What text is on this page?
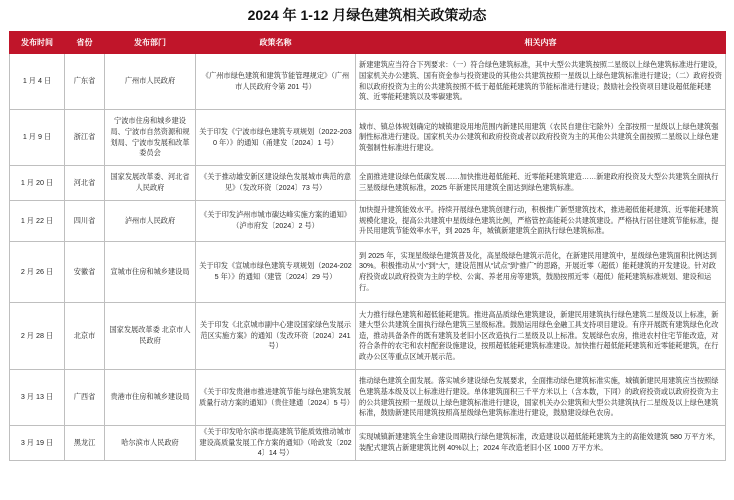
2024 年 1-12 月绿色建筑相关政策动态
发布时间	省份	发布部门	政策名称	相关内容
1 月 4 日	广东省	广州市人民政府	《广州市绿色建筑和建筑节能管理规定》（广州市人民政府令第 201 号）	新建建筑应当符合下列要求：（一）符合绿色建筑标准，其中大型公共建筑按照二星级以上绿色建筑标准进行建设，国家机关办公建筑、国有资金参与投资建设的其他公共建筑按照一星级以上绿色建筑标准进行建设；（二）政府投资和以政府投资为主的公共建筑按照不低于超低能耗建筑的节能标准进行建设；鼓励社会投资项目建设超低能耗建筑、近零能耗建筑以及零碳建筑。
1 月 9 日	浙江省	宁波市住房和城乡建设局、宁波市自然资源和规划局、宁波市发展和改革委员会	关于印发《宁波市绿色建筑专项规划（2022-2030 年）》的通知（甬建发〔2024〕1 号）	城市、镇总体规划确定的城镇建设用地范围内新建民用建筑（农民自建住宅除外）全部按照一星级以上绿色建筑强制性标准进行建设。国家机关办公建筑和政府投资或者以政府投资为主的其他公共建筑全面按照二星级以上绿色建筑强制性标准进行建设。
1 月 20 日	河北省	国家发展改革委、河北省人民政府	《关于推动雄安新区建设绿色发展城市典范的意见》（发改环资〔2024〕73 号）	全面推进建设绿色低碳发展……加快推进超低能耗、近零能耗建筑建造……新建政府投资及大型公共建筑全面执行三星级绿色建筑标准，2025 年新建民用建筑全面达到绿色建筑标准。
1 月 22 日	四川省	泸州市人民政府	《关于印发泸州市城市碳达峰实施方案的通知》（泸市府发〔2024〕2 号）	加快提升建筑能效水平。持续开展绿色建筑创建行动，积极推广新型建筑技术，推进超低能耗建筑、近零能耗建筑规模化建设，提高公共建筑中星级绿色建筑比例，严格管控高能耗公共建筑建设。严格执行居住建筑节能标准，提升民用建筑节能效率水平，到 2025 年，城镇新建建筑全面执行绿色建筑标准。
2 月 26 日	安徽省	宣城市住房和城乡建设局	关于印发《宣城市绿色建筑专项规划（2024-2025 年）》的通知（建管〔2024〕29 号）	到 2025 年，实现星级绿色建筑普及化，高星级绿色建筑示范化，在新建民用建筑中，星级绿色建筑面积比例达到 30%。积极推动从“小”到“大”，建设范围从“试点”到“推广”的思路，开展近零（超低）能耗建筑的开发建设。针对政府投资或以政府投资为主的学校、公寓、养老用房等建筑，鼓励按照近零（超低）能耗建筑标准规划、建设和运行。
2 月 28 日	北京市	国家发展改革委 北京市人民政府	关于印发《北京城市副中心建设国家绿色发展示范区实施方案》的通知（发改环资〔2024〕241 号）	大力推行绿色建筑和超低能耗建筑。推进高品质绿色建筑建设，新建民用建筑执行绿色建筑二星级及以上标准，新建大型公共建筑全面执行绿色建筑三星级标准。鼓励运用绿色金融工具支持项目建设。有序开展既有建筑绿色化改造，推动具备条件的既有建筑及老旧小区改造执行二星级及以上标准。发展绿色农房，推进农村住宅节能改造，对符合条件的农宅和农村配套设施建设，按照超低能耗建筑标准建设。加快推行超低能耗建筑和近零能耗建筑，在行政办公区等重点区域开展示范。
3 月 13 日	广西省	贵港市住房和城乡建设局	《关于印发贵港市推进建筑节能与绿色建筑发展质量行动方案的通知》（贵住建通〔2024〕5 号）	推动绿色建筑全面发展。落实城乡建设绿色发展要求，全面推动绿色建筑标准实施，城镇新建民用建筑应当按照绿色建筑基本级及以上标准进行建设。单体建筑面积三千平方米以上（含本数，下同）的政府投资或以政府投资为主的公共建筑按照一星级以上绿色建筑标准进行建设，国家机关办公建筑和大型公共建筑执行二星级及以上绿色建筑标准，鼓励新建民用建筑按照高星级绿色建筑标准进行建设，鼓励建设绿色农房。
3 月 19 日	黑龙江	哈尔滨市人民政府	《关于印发哈尔滨市提高建筑节能质效推动城市建设高质量发展工作方案的通知》（哈政发〔2024〕14 号）	实现城镇新建建筑全生命建设周期执行绿色建筑标准，改造建设以超低能耗建筑为主的高能效建筑 580 万平方米，装配式建筑占新建建筑比例 40%以上；2024 年改造老旧小区 1000 万平方米。
